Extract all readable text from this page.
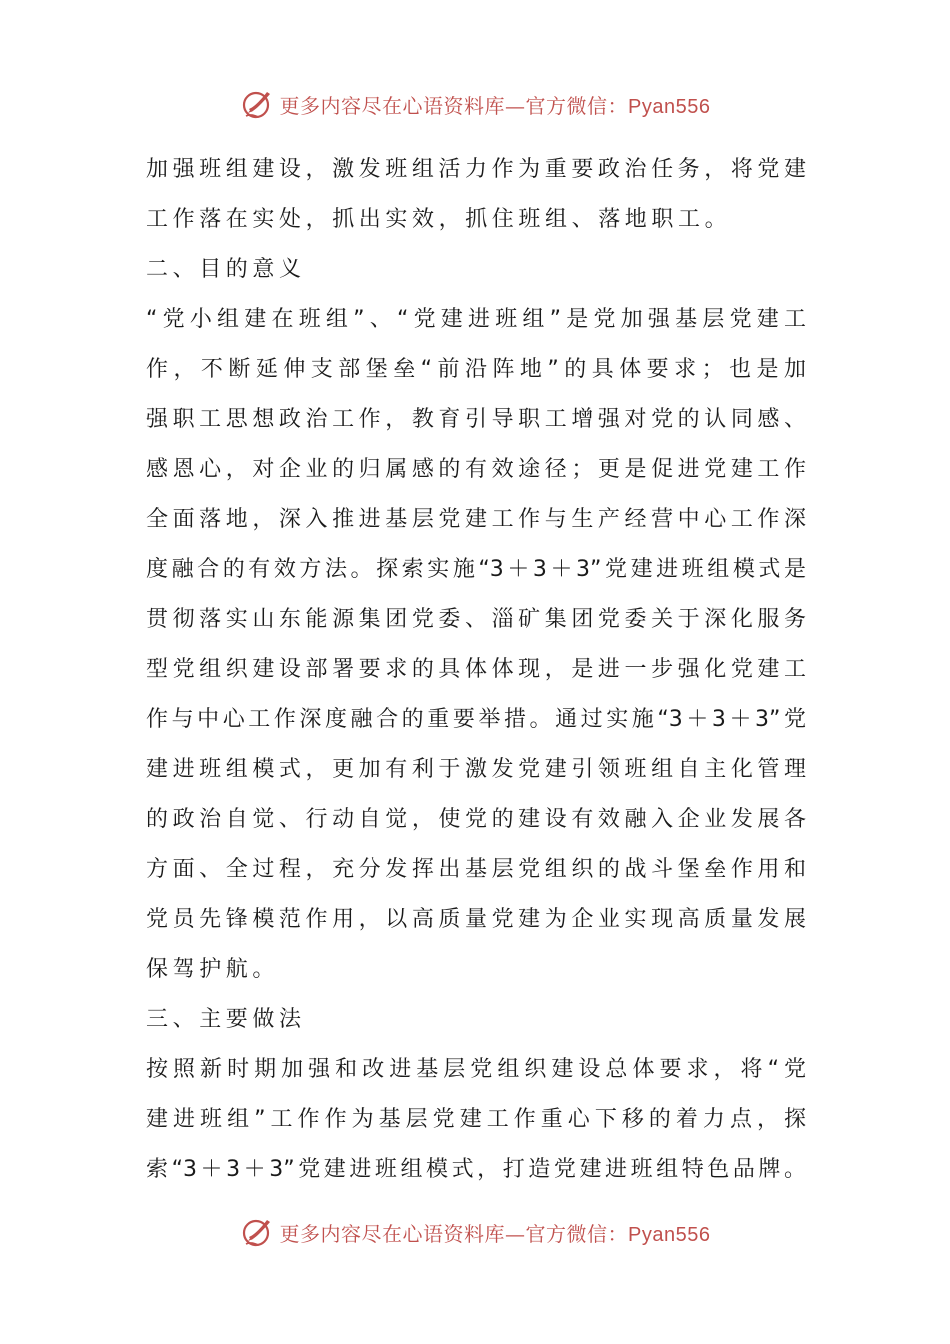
更多内容尽在心语资料库—官方微信：Pyan556
加强班组建设，激发班组活力作为重要政治任务，将党建
工作落在实处，抓出实效，抓住班组、落地职工。
二、目的意义
“党小组建在班组”、“党建进班组”是党加强基层党建工
作，不断延伸支部堡垒“前沿阵地”的具体要求；也是加
强职工思想政治工作，教育引导职工增强对党的认同感、
感恩心，对企业的归属感的有效途径；更是促进党建工作
全面落地，深入推进基层党建工作与生产经营中心工作深
度融合的有效方法。探索实施“3＋3＋3”党建进班组模式是
贯彻落实山东能源集团党委、淄矿集团党委关于深化服务
型党组织建设部署要求的具体体现，是进一步强化党建工
作与中心工作深度融合的重要举措。通过实施“3＋3＋3”党
建进班组模式，更加有利于激发党建引领班组自主化管理
的政治自觉、行动自觉，使党的建设有效融入企业发展各
方面、全过程，充分发挥出基层党组织的战斗堡垒作用和
党员先锋模范作用，以高质量党建为企业实现高质量发展
保驾护航。
三、主要做法
按照新时期加强和改进基层党组织建设总体要求，将“党
建进班组”工作作为基层党建工作重心下移的着力点，探
索“3＋3＋3”党建进班组模式，打造党建进班组特色品牌。
更多内容尽在心语资料库—官方微信：Pyan556
